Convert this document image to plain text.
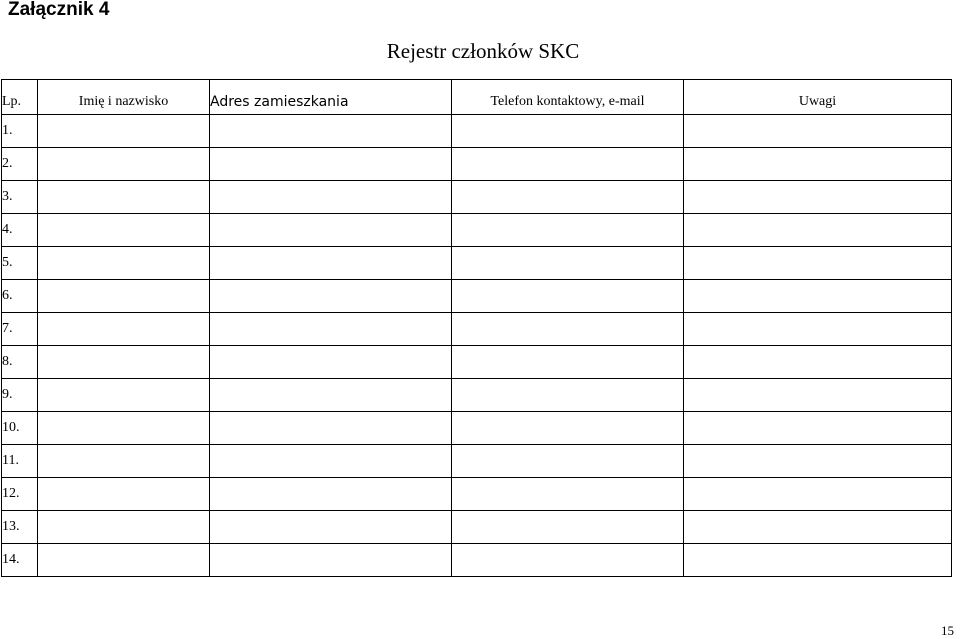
Załącznik 4
Rejestr członków SKC
Lp.	Imię i nazwisko	Adres zamieszkania	Telefon kontaktowy, e-mail	Uwagi
1.				
2.				
3.				
4.				
5.				
6.				
7.				
8.				
9.				
10.				
11.				
12.				
13.				
14.				
15
